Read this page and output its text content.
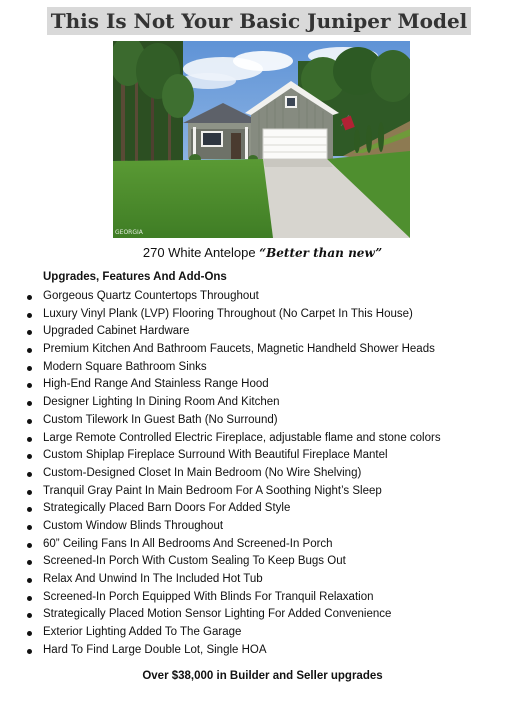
This Is Not Your Basic Juniper Model
GEORGIA
270 White Antelope “Better than new”
Upgrades, Features And Add-Ons
Gorgeous Quartz Countertops Throughout
Luxury Vinyl Plank (LVP) Flooring Throughout (No Carpet In This House)
Upgraded Cabinet Hardware
Premium Kitchen And Bathroom Faucets, Magnetic Handheld Shower Heads
Modern Square Bathroom Sinks
High-End Range And Stainless Range Hood
Designer Lighting In Dining Room And Kitchen
Custom Tilework In Guest Bath (No Surround)
Large Remote Controlled Electric Fireplace, adjustable flame and stone colors
Custom Shiplap Fireplace Surround With Beautiful Fireplace Mantel
Custom-Designed Closet In Main Bedroom (No Wire Shelving)
Tranquil Gray Paint In Main Bedroom For A Soothing Night’s Sleep
Strategically Placed Barn Doors For Added Style
Custom Window Blinds Throughout
60” Ceiling Fans In All Bedrooms And Screened-In Porch
Screened-In Porch With Custom Sealing To Keep Bugs Out
Relax And Unwind In The Included Hot Tub
Screened-In Porch Equipped With Blinds For Tranquil Relaxation
Strategically Placed Motion Sensor Lighting For Added Convenience
Exterior Lighting Added To The Garage
Hard To Find Large Double Lot, Single HOA
Over $38,000 in Builder and Seller upgrades
